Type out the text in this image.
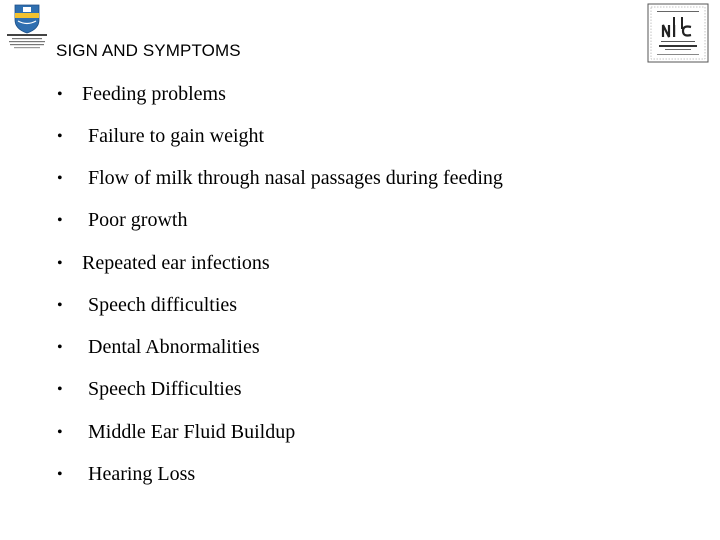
SIGN AND SYMPTOMS
• Feeding problems
• Failure to gain weight
• Flow of milk through nasal passages during feeding
• Poor growth
• Repeated ear infections
• Speech difficulties
• Dental Abnormalities
• Speech Difficulties
• Middle Ear Fluid Buildup
• Hearing Loss
